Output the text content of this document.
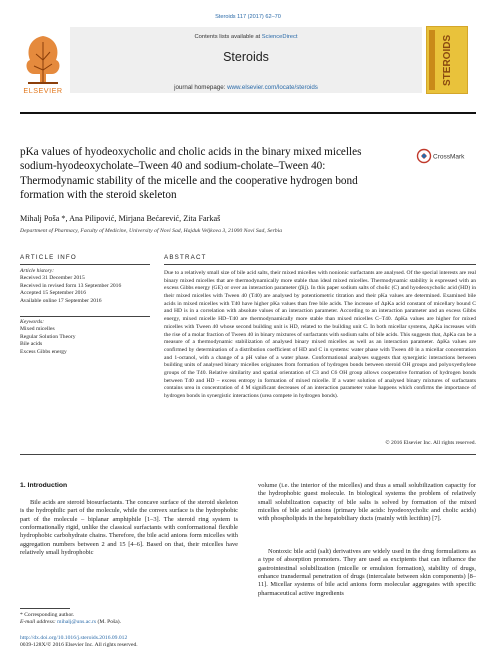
Steroids 117 (2017) 62–70
Contents lists available at ScienceDirect
Steroids
journal homepage: www.elsevier.com/locate/steroids
ELSEVIER
STEROIDS
pKa values of hyodeoxycholic and cholic acids in the binary mixed micelles sodium-hyodeoxycholate–Tween 40 and sodium-cholate–Tween 40: Thermodynamic stability of the micelle and the cooperative hydrogen bond formation with the steroid skeleton
CrossMark
Mihalj Poša *, Ana Pilipović, Mirjana Bećarević, Zita Farkaš
Department of Pharmacy, Faculty of Medicine, University of Novi Sad, Hajduk Veljkova 3, 21000 Novi Sad, Serbia
ARTICLE INFO	ABSTRACT
Article history:
Received 31 December 2015
Received in revised form 13 September 2016
Accepted 15 September 2016
Available online 17 September 2016
Keywords:
Mixed micelles
Regular Solution Theory
Bile acids
Excess Gibbs energy
Due to a relatively small size of bile acid salts, their mixed micelles with nonionic surfactants are analysed. Of the special interests are real binary mixed micelles that are thermodynamically more stable than ideal mixed micelles. Thermodynamic stability is expressed with an excess Gibbs energy (GE) or over an interaction parameter (βij). In this paper sodium salts of cholic (C) and hyodeoxycholic acid (HD) in their mixed micelles with Tween 40 (T40) are analysed by potentiometric titration and their pKa values are determined. Examined bile acids in mixed micelles with T40 have higher pKa values than free bile acids. The increase of ΔpKa acid constant of micellary bound C and HD is in a correlation with absolute values of an interaction parameter. According to an interaction parameter and an excess Gibbs energy, mixed micelle HD–T40 are thermodynamically more stable than mixed micelles C–T40. ΔpKa values are higher for mixed micelles with Tween 40 whose second building unit is HD, related to the building unit C. In both micellar systems, ΔpKa increases with the rise of a molar fraction of Tween 40 in binary mixtures of surfactants with sodium salts of bile acids. This suggests that, ΔpKa can be a measure of a thermodynamic stabilization of analysed binary mixed micelles as well as an interaction parameter. ΔpKa values are confirmed by determination of a distribution coefficient of HD and C in systems: water phase with Tween 40 in a micellar concentration and 1-octanol, with a change of a pH value of a water phase. Conformational analyses suggests that synergistic interactions between building units of analysed binary micelles originates from formation of hydrogen bonds between steroid OH groups and polyoxyethylene groups of the T40. Relative similarity and spatial orientation of C3 and C6 OH group allows cooperative formation of hydrogen bonds between T40 and HD – excess entropy in formation of mixed micelle. If a water solution of analysed binary mixtures of surfactants contains urea in concentration of 4 M significant decreases of an interaction parameter value happens which confirms the importance of hydrogen bonds in synergistic interactions (urea compete in hydrogen bonds).
© 2016 Elsevier Inc. All rights reserved.
1. Introduction
Bile acids are steroid biosurfactants. The concave surface of the steroid skeleton is the hydrophilic part of the molecule, while the convex surface is the hydrophobic part of the molecule – biplanar amphiphile [1–3]. The steroid ring system is conformationally rigid, unlike the classical surfactants with conformational flexible hydrophobic carbohydrate chains. Therefore, the bile acid anions form micelles with aggregation numbers between 2 and 15 [4–6]. Based on that, their micelles have relatively small hydrophobic
volume (i.e. the interior of the micelles) and thus a small solubilization capacity for the hydrophobic guest molecule. In biological systems the problem of relatively small solubilization capacity of bile salts is solved by formation of the mixed micelles of bile acid anions (primary bile acids: hyodeoxycholic and cholic acids) with phospholipids in the hepatobiliary ducts (mainly with lecithin) [7].
Nontoxic bile acid (salt) derivatives are widely used in the drug formulations as a type of absorption promoters. They are used as excipients that can influence the gastrointestinal solubilization (micelle or emulsion formation), stability of drugs, enhance transdermal penetration of drugs (intercalate between skin components) [8–11]. Micellar systems of bile acid anions form molecular aggregates with specific pharmaceutical active ingredients
* Corresponding author.
E-mail address: mihalj@uns.ac.rs (M. Poša).
http://dx.doi.org/10.1016/j.steroids.2016.09.012
0039-128X/© 2016 Elsevier Inc. All rights reserved.
